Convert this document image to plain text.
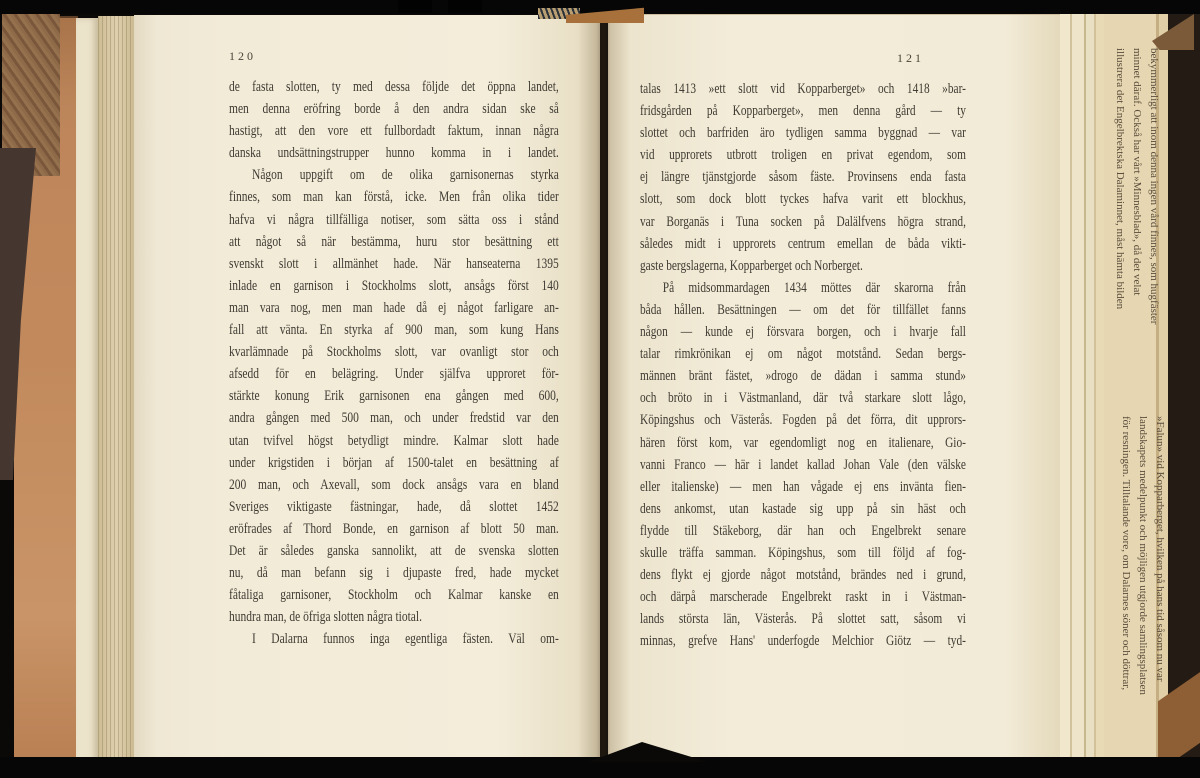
120
de fasta slotten, ty med dessa följde det öppna landet,
men denna eröfring borde å den andra sidan ske så
hastigt, att den vore ett fullbordadt faktum, innan några
danska undsättningstrupper hunno komma in i landet.
  Någon uppgift om de olika garnisonernas styrka
finnes, som man kan förstå, icke. Men från olika tider
hafva vi några tillfälliga notiser, som sätta oss i stånd
att något så när bestämma, huru stor besättning ett
svenskt slott i allmänhet hade. När hanseaterna 1395
inlade en garnison i Stockholms slott, ansågs först 140
man vara nog, men man hade då ej något farligare an-
fall att vänta. En styrka af 900 man, som kung Hans
kvarlämnade på Stockholms slott, var ovanligt stor och
afsedd för en belägring. Under själfva upproret för-
stärkte konung Erik garnisonen ena gången med 600,
andra gången med 500 man, och under fredstid var den
utan tvifvel högst betydligt mindre. Kalmar slott hade
under krigstiden i början af 1500-talet en besättning af
200 man, och Axevall, som dock ansågs vara en bland
Sveriges viktigaste fästningar, hade, då slottet 1452
eröfrades af Thord Bonde, en garnison af blott 50 man.
Det är således ganska sannolikt, att de svenska slotten
nu, då man befann sig i djupaste fred, hade mycket
fåtaliga garnisoner, Stockholm och Kalmar kanske en
hundra man, de öfriga slotten några tiotal.
  I Dalarna funnos inga egentliga fästen. Väl om-
121
talas 1413 »ett slott vid Kopparberget» och 1418 »bar-
fridsgården på Kopparberget», men denna gård — ty
slottet och barfriden äro tydligen samma byggnad — var
vid upprorets utbrott troligen en privat egendom, som
ej längre tjänstgjorde såsom fäste. Provinsens enda fasta
slott, som dock blott tyckes hafva varit ett blockhus,
var Borganäs i Tuna socken på Dalälfvens högra strand,
således midt i upprorets centrum emellan de båda vikti-
gaste bergslagerna, Kopparberget och Norberget.
  På midsommardagen 1434 möttes där skarorna från
båda hållen. Besättningen — om det för tillfället fanns
någon — kunde ej försvara borgen, och i hvarje fall
talar rimkrönikan ej om något motstånd. Sedan bergs-
männen bränt fästet, »drogo de dädan i samma stund»
och bröto in i Västmanland, där två starkare slott lågo,
Köpingshus och Västerås. Fogden på det förra, dit upprors-
hären först kom, var egendomligt nog en italienare, Gio-
vanni Franco — här i landet kallad Johan Vale (den välske
eller italienske) — men han vågade ej ens invänta fien-
dens ankomst, utan kastade sig upp på sin häst och
flydde till Stäkeborg, där han och Engelbrekt senare
skulle träffa samman. Köpingshus, som till följd af fog-
dens flykt ej gjorde något motstånd, brändes ned i grund,
och därpå marscherade Engelbrekt raskt in i Västman-
lands största län, Västerås. På slottet satt, såsom vi
minnas, grefve Hans' underfogde Melchior Giötz — tyd-
bekymmerligt att inom denna ingen vård finnes, som hugfäster
minnet däraf. Också har vårt »Minnesblad», då det velat
illustrera det Engelbrektska Dalaminnet, måst hämta bilden
»Falun» vid Kopparberget, hvilken på hans tid såsom nu var
landskapets medelpunkt och möjligen utgjorde samlingsplatsen
för resningen. Tilltalande vore, om Dalarnes söner och döttrar,
